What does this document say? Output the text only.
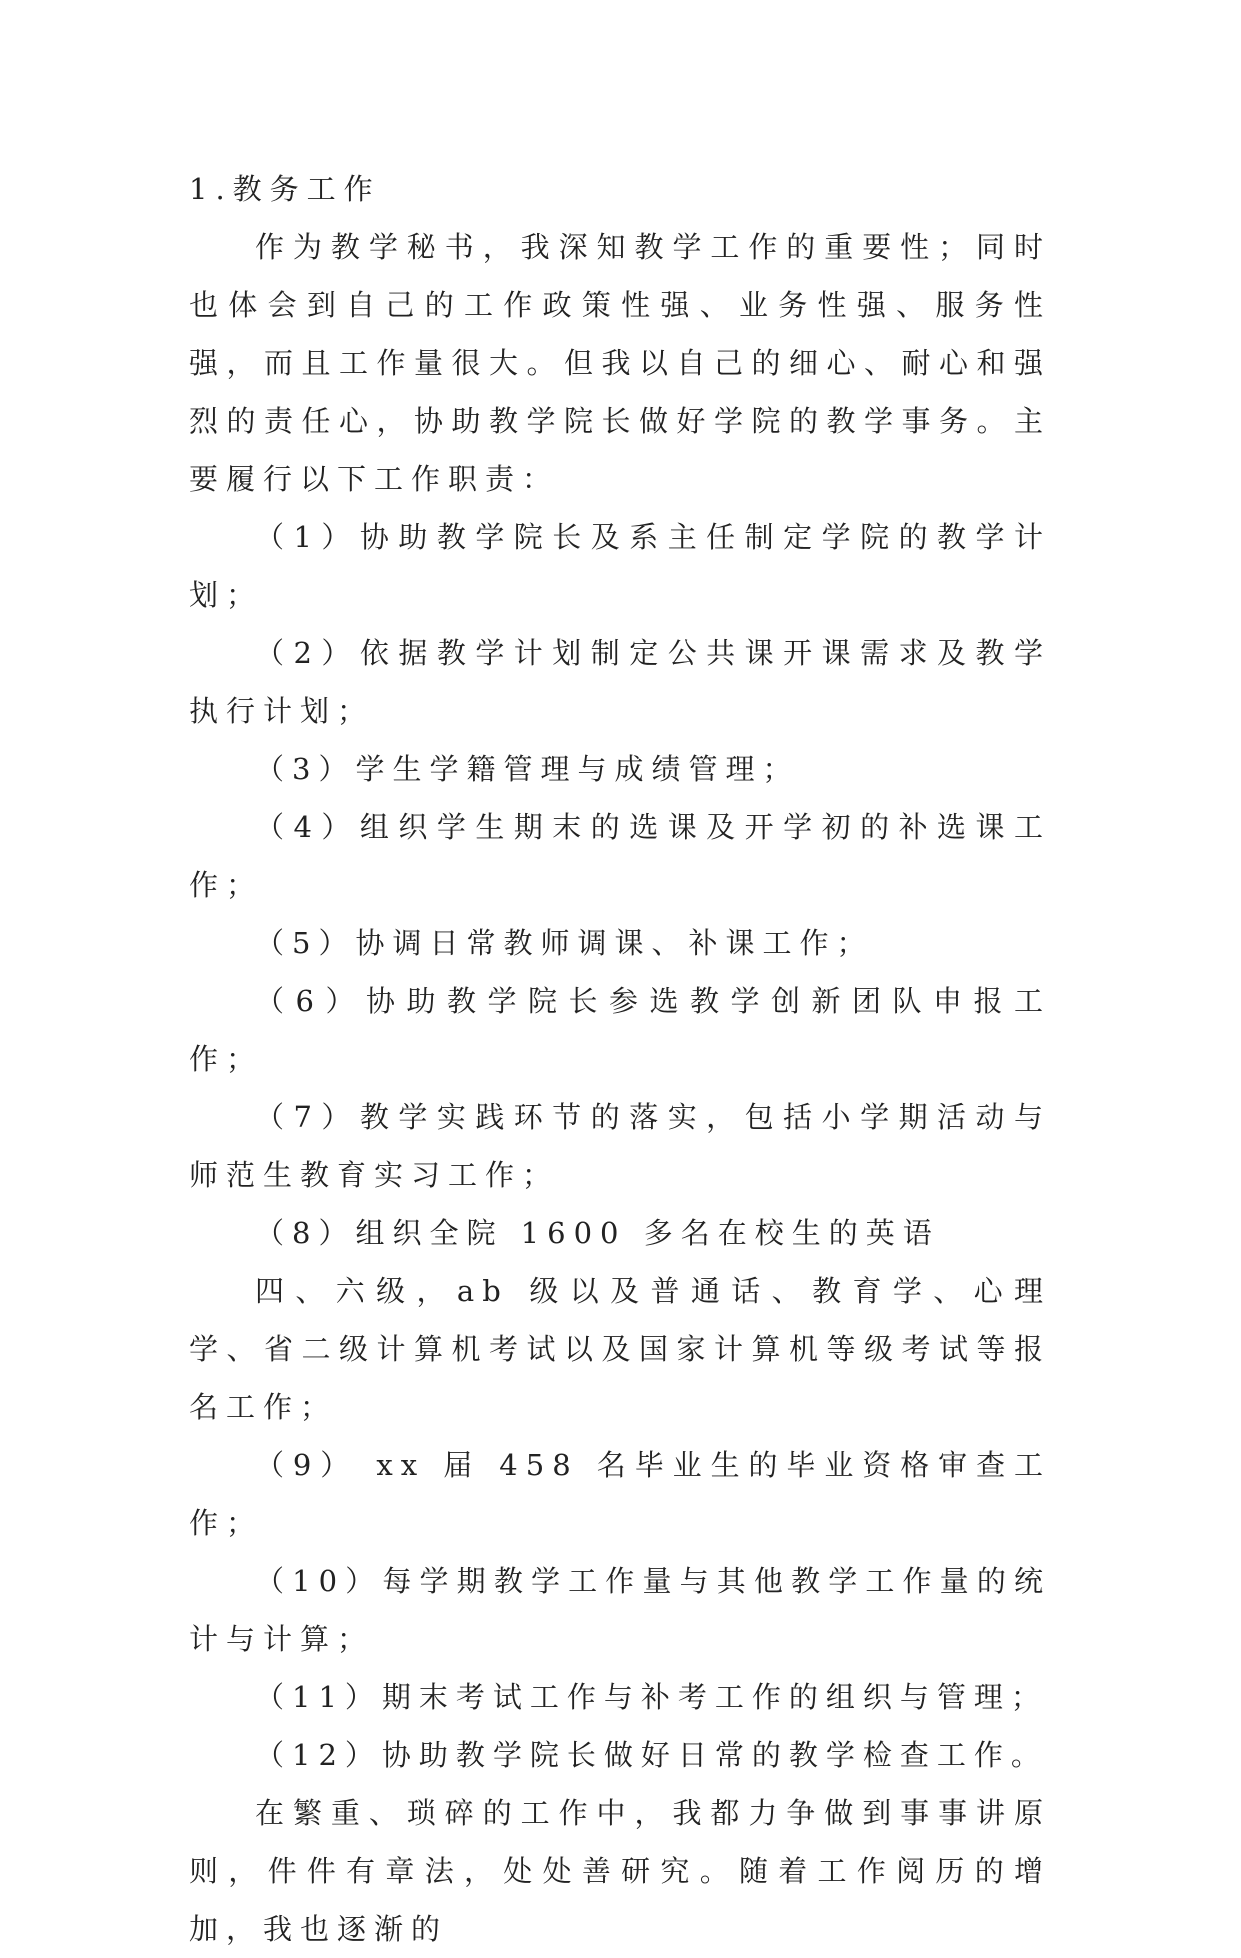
1.教务工作

作为教学秘书，我深知教学工作的重要性；同时也体会到自己的工作政策性强、业务性强、服务性强，而且工作量很大。但我以自己的细心、耐心和强烈的责任心，协助教学院长做好学院的教学事务。主要履行以下工作职责：

（1）协助教学院长及系主任制定学院的教学计划；

（2）依据教学计划制定公共课开课需求及教学执行计划；

（3）学生学籍管理与成绩管理；

（4）组织学生期末的选课及开学初的补选课工作；

（5）协调日常教师调课、补课工作；

（6）协助教学院长参选教学创新团队申报工作；

（7）教学实践环节的落实，包括小学期活动与师范生教育实习工作；

（8）组织全院 1600 多名在校生的英语

四、六级，ab 级以及普通话、教育学、心理学、省二级计算机考试以及国家计算机等级考试等报名工作；

（9） xx 届 458 名毕业生的毕业资格审查工作；

（10）每学期教学工作量与其他教学工作量的统计与计算；

（11）期末考试工作与补考工作的组织与管理；

（12）协助教学院长做好日常的教学检查工作。

在繁重、琐碎的工作中，我都力争做到事事讲原则，件件有章法，处处善研究。随着工作阅历的增加，我也逐渐的
